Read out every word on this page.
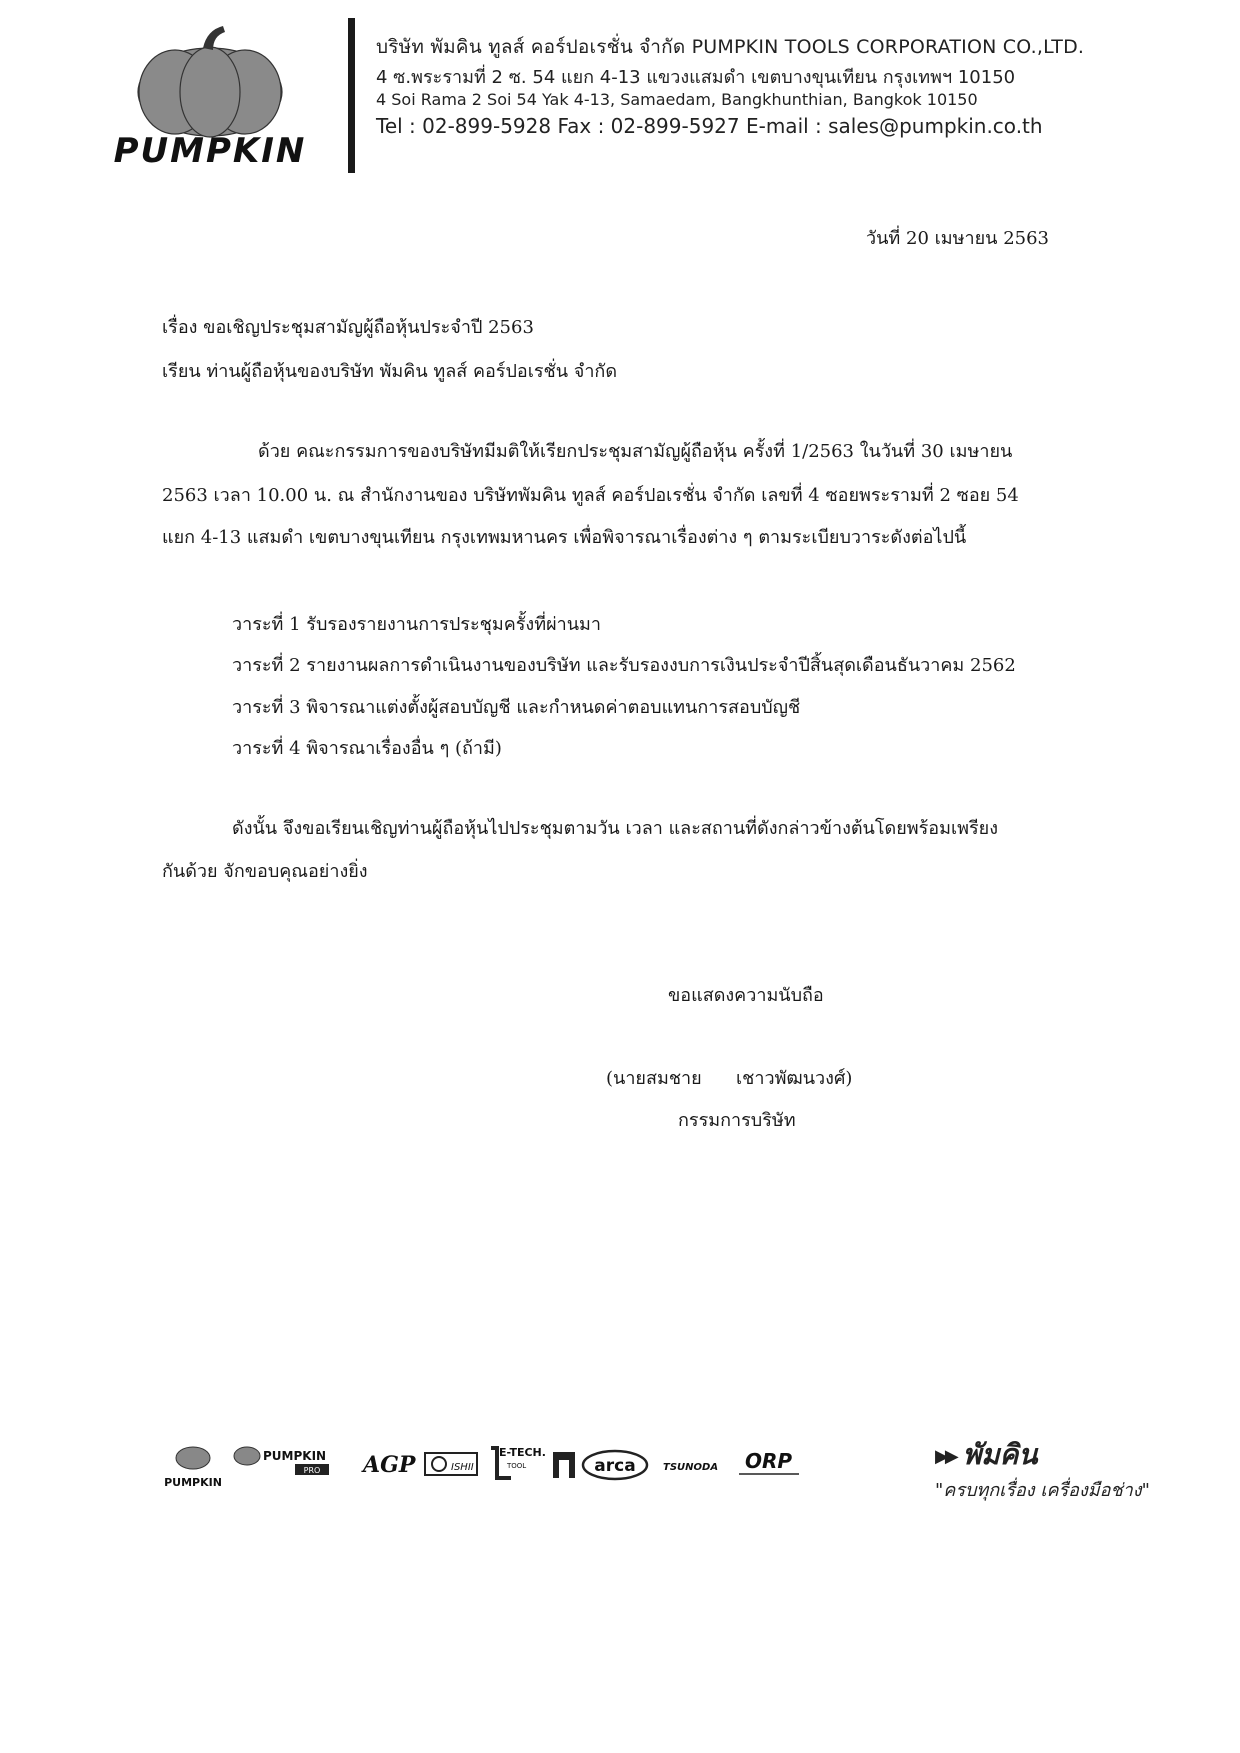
PUMPKIN
บริษัท พัมคิน ทูลส์ คอร์ปอเรชั่น จำกัด PUMPKIN TOOLS CORPORATION CO.,LTD.
4 ซ.พระรามที่ 2 ซ. 54 แยก 4-13 แขวงแสมดำ เขตบางขุนเทียน กรุงเทพฯ 10150
4 Soi Rama 2 Soi 54 Yak 4-13, Samaedam, Bangkhunthian, Bangkok 10150
Tel : 02-899-5928 Fax : 02-899-5927 E-mail : sales@pumpkin.co.th
วันที่ 20 เมษายน 2563
เรื่อง ขอเชิญประชุมสามัญผู้ถือหุ้นประจำปี 2563
เรียน ท่านผู้ถือหุ้นของบริษัท พัมคิน ทูลส์ คอร์ปอเรชั่น จำกัด
ด้วย คณะกรรมการของบริษัทมีมติให้เรียกประชุมสามัญผู้ถือหุ้น ครั้งที่ 1/2563 ในวันที่ 30 เมษายน
2563 เวลา 10.00 น. ณ สำนักงานของ บริษัทพัมคิน ทูลส์ คอร์ปอเรชั่น จำกัด เลขที่ 4 ซอยพระรามที่ 2 ซอย 54
แยก 4-13 แสมดำ เขตบางขุนเทียน กรุงเทพมหานคร เพื่อพิจารณาเรื่องต่าง ๆ ตามระเบียบวาระดังต่อไปนี้
วาระที่ 1 รับรองรายงานการประชุมครั้งที่ผ่านมา
วาระที่ 2 รายงานผลการดำเนินงานของบริษัท และรับรองงบการเงินประจำปีสิ้นสุดเดือนธันวาคม 2562
วาระที่ 3 พิจารณาแต่งตั้งผู้สอบบัญชี และกำหนดค่าตอบแทนการสอบบัญชี
วาระที่ 4 พิจารณาเรื่องอื่น ๆ (ถ้ามี)
ดังนั้น จึงขอเรียนเชิญท่านผู้ถือหุ้นไปประชุมตามวัน เวลา และสถานที่ดังกล่าวข้างต้นโดยพร้อมเพรียง
กันด้วย จักขอบคุณอย่างยิ่ง
ขอแสดงความนับถือ
(นายสมชาย      เชาวพัฒนวงศ์)
กรรมการบริษัท
PUMPKIN
PUMPKIN
PRO AGP	ISHII
E-TECH.
TOOL	arca	TSUNODA ORP	▶▶ พัมคิน
"ครบทุกเรื่อง เครื่องมือช่าง"
